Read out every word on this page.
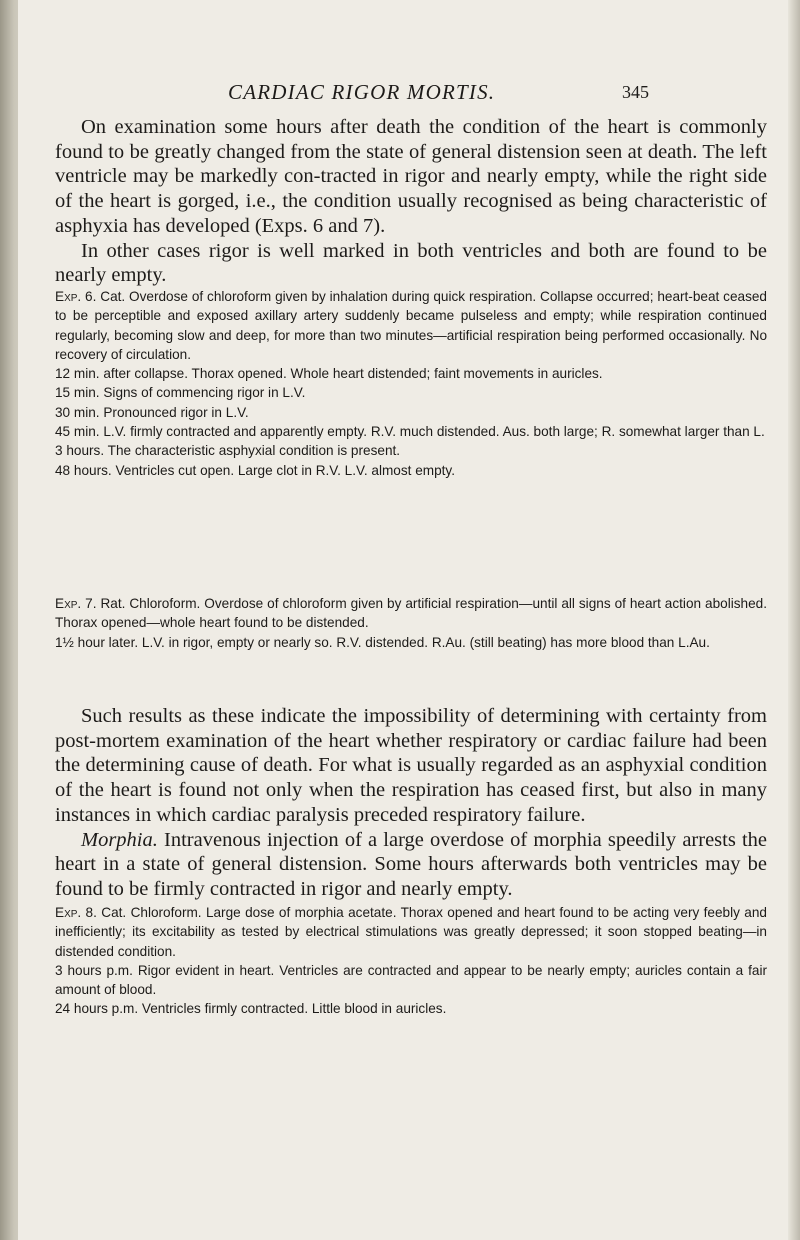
CARDIAC RIGOR MORTIS.	345

On examination some hours after death the condition of the heart is commonly found to be greatly changed from the state of general distension seen at death. The left ventricle may be markedly con-tracted in rigor and nearly empty, while the right side of the heart is gorged, i.e., the condition usually recognised as being characteristic of asphyxia has developed (Exps. 6 and 7).

In other cases rigor is well marked in both ventricles and both are found to be nearly empty.

Exp. 6. Cat. Overdose of chloroform given by inhalation during quick respiration. Collapse occurred; heart-beat ceased to be perceptible and exposed axillary artery suddenly became pulseless and empty; while respiration continued regularly, becoming slow and deep, for more than two minutes—artificial respiration being performed occasionally. No recovery of circulation.

12 min. after collapse. Thorax opened. Whole heart distended; faint movements in auricles.

15 min. Signs of commencing rigor in L.V.

30 min. Pronounced rigor in L.V.

45 min. L.V. firmly contracted and apparently empty. R.V. much distended. Aus. both large; R. somewhat larger than L.

3 hours. The characteristic asphyxial condition is present.

48 hours. Ventricles cut open. Large clot in R.V. L.V. almost empty.

Exp. 7. Rat. Chloroform. Overdose of chloroform given by artificial respiration—until all signs of heart action abolished. Thorax opened—whole heart found to be distended.

1½ hour later. L.V. in rigor, empty or nearly so. R.V. distended. R.Au. (still beating) has more blood than L.Au.

Such results as these indicate the impossibility of determining with certainty from post-mortem examination of the heart whether respiratory or cardiac failure had been the determining cause of death. For what is usually regarded as an asphyxial condition of the heart is found not only when the respiration has ceased first, but also in many instances in which cardiac paralysis preceded respiratory failure.

Morphia. Intravenous injection of a large overdose of morphia speedily arrests the heart in a state of general distension. Some hours afterwards both ventricles may be found to be firmly contracted in rigor and nearly empty.

Exp. 8. Cat. Chloroform. Large dose of morphia acetate. Thorax opened and heart found to be acting very feebly and inefficiently; its excitability as tested by electrical stimulations was greatly depressed; it soon stopped beating—in distended condition.

3 hours p.m. Rigor evident in heart. Ventricles are contracted and appear to be nearly empty; auricles contain a fair amount of blood.

24 hours p.m. Ventricles firmly contracted. Little blood in auricles.
